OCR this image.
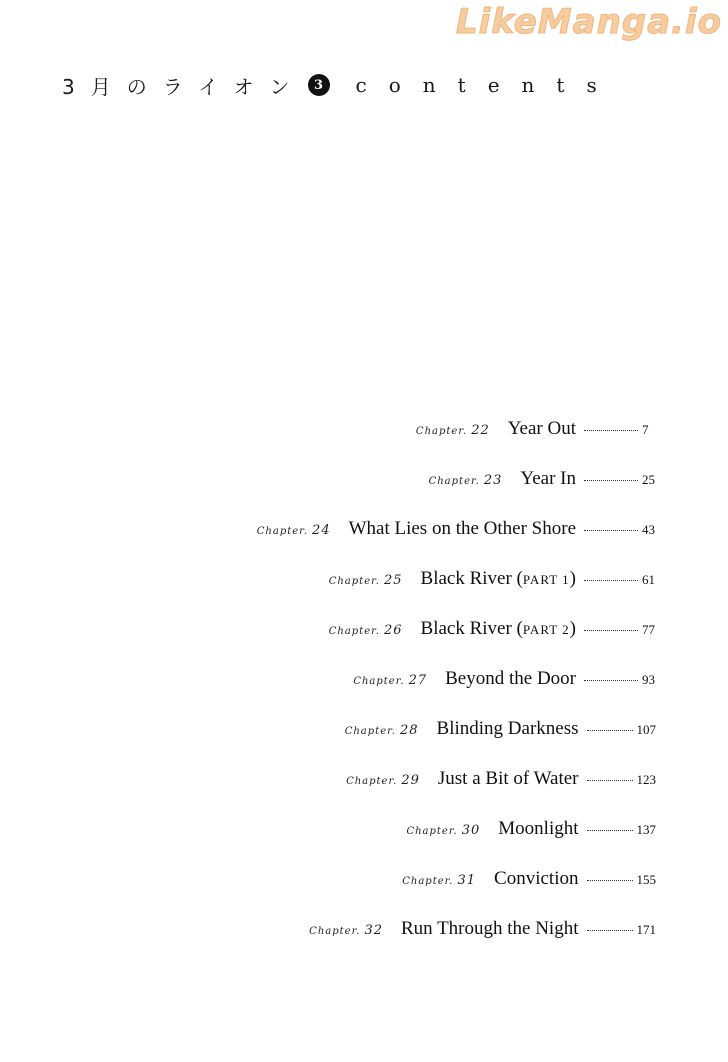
LikeManga.io
3月のライオン 3	contents
Chapter. 22 Year Out	7
Chapter. 23 Year In	25
Chapter. 24 What Lies on the Other Shore	43
Chapter. 25 Black River (PART 1)	61
Chapter. 26 Black River (PART 2)	77
Chapter. 27 Beyond the Door	93
Chapter. 28 Blinding Darkness	107
Chapter. 29 Just a Bit of Water	123
Chapter. 30 Moonlight	137
Chapter. 31 Conviction	155
Chapter. 32 Run Through the Night	171
